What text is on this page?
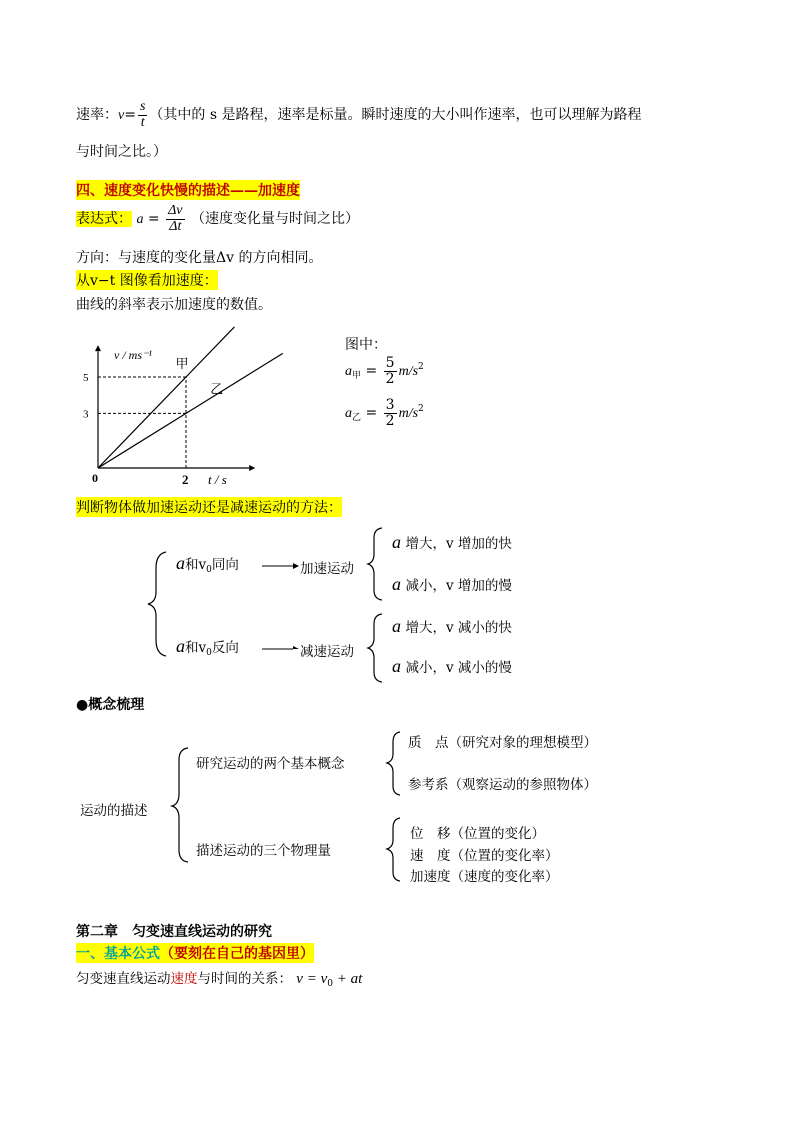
速率：$v= \frac{s}{t}$ （其中的 s 是路程，速率是标量。瞬时速度的大小叫作速率，也可以理解为路程
与时间之比。）
四、速度变化快慢的描述——加速度
表达式： $a = \frac{\Delta v}{\Delta t}$ （速度变化量与时间之比）
方向：与速度的变化量Δv 的方向相同。
从v−t 图像看加速度：
曲线的斜率表示加速度的数值。
甲
乙
3
5
2
0
v / ms⁻¹
t / s
图中：
$a_甲 = \frac{5}{2} m/s^2$
$a_乙 = \frac{3}{2} m/s^2$
判断物体做加速运动还是减速运动的方法：
a和$v_0$同向	加速运动
a 增大，v 增加的快
a 减小，v 增加的慢
a和$v_0$反向	减速运动
a 增大，v 减小的快
a 减小，v 减小的慢
●概念梳理
运动的描述
研究运动的两个基本概念
质　点（研究对象的理想模型）
参考系（观察运动的参照物体）
描述运动的三个物理量
位　移（位置的变化）
速　度（位置的变化率）
加速度（速度的变化率）
第二章　匀变速直线运动的研究
一、基本公式（要刻在自己的基因里）
匀变速直线运动速度与时间的关系： $v = v_0$ + at
